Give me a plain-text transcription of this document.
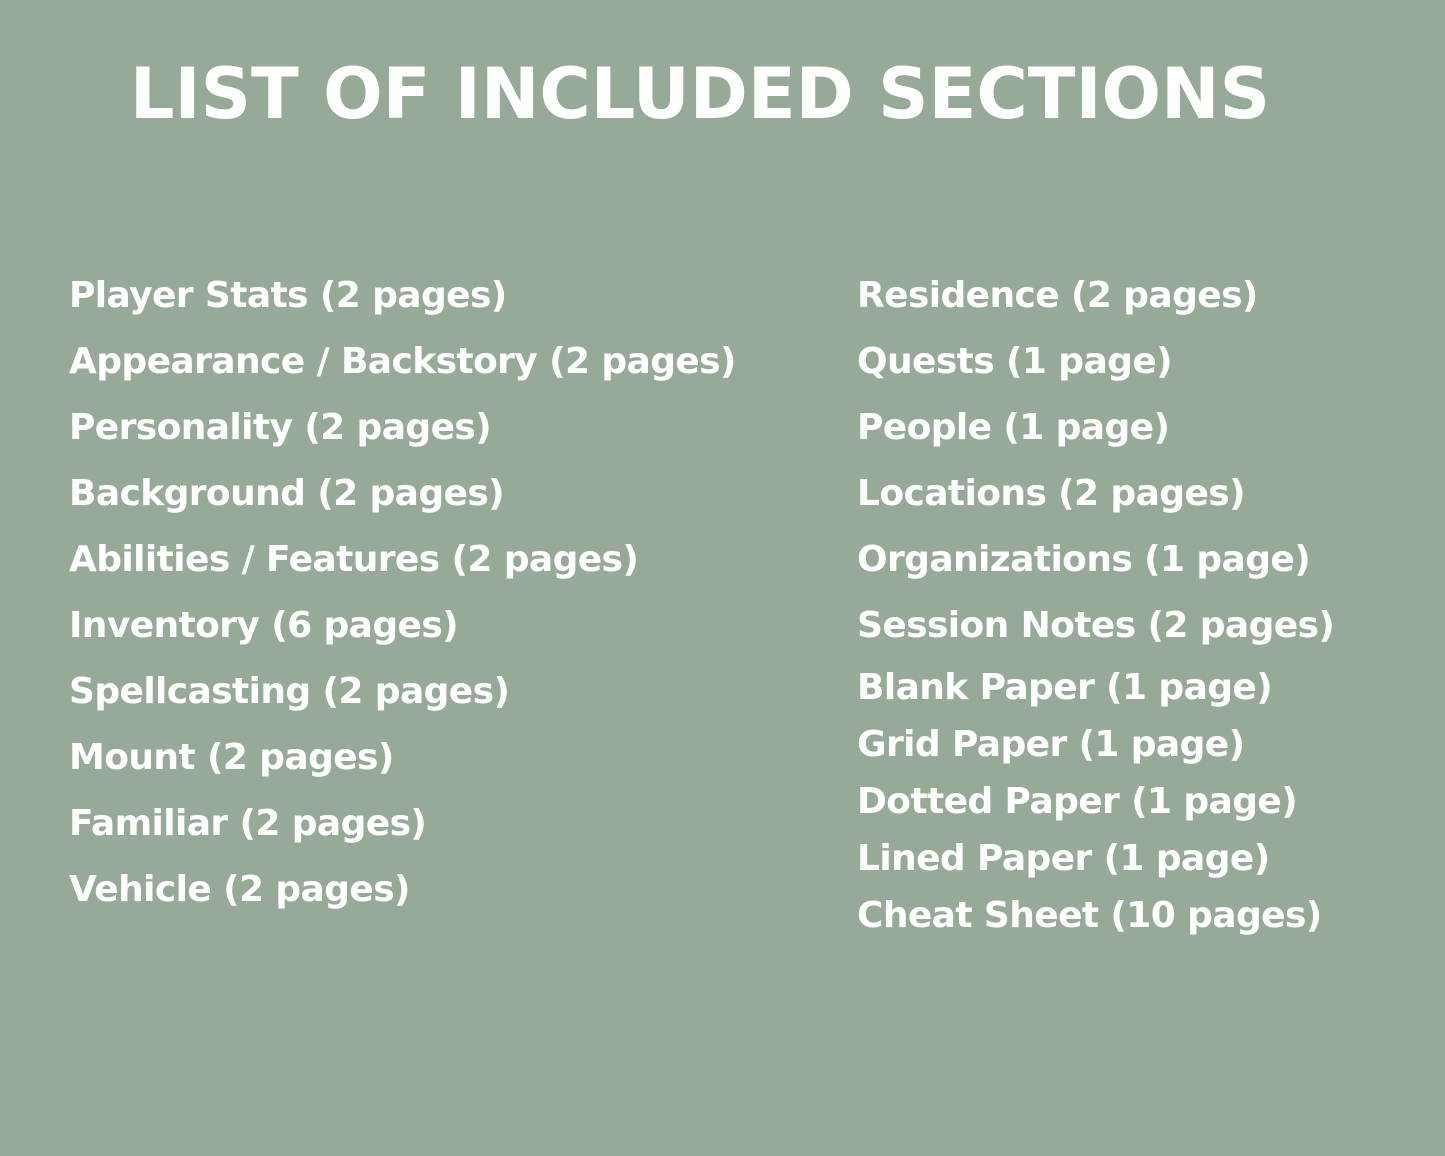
LIST OF INCLUDED SECTIONS
Player Stats (2 pages)
Appearance / Backstory (2 pages)
Personality (2 pages)
Background (2 pages)
Abilities / Features (2 pages)
Inventory (6 pages)
Spellcasting (2 pages)
Mount (2 pages)
Familiar (2 pages)
Vehicle (2 pages)
Residence (2 pages)
Quests (1 page)
People (1 page)
Locations (2 pages)
Organizations (1 page)
Session Notes (2 pages)
Blank Paper (1 page)
Grid Paper (1 page)
Dotted Paper (1 page)
Lined Paper (1 page)
Cheat Sheet (10 pages)
